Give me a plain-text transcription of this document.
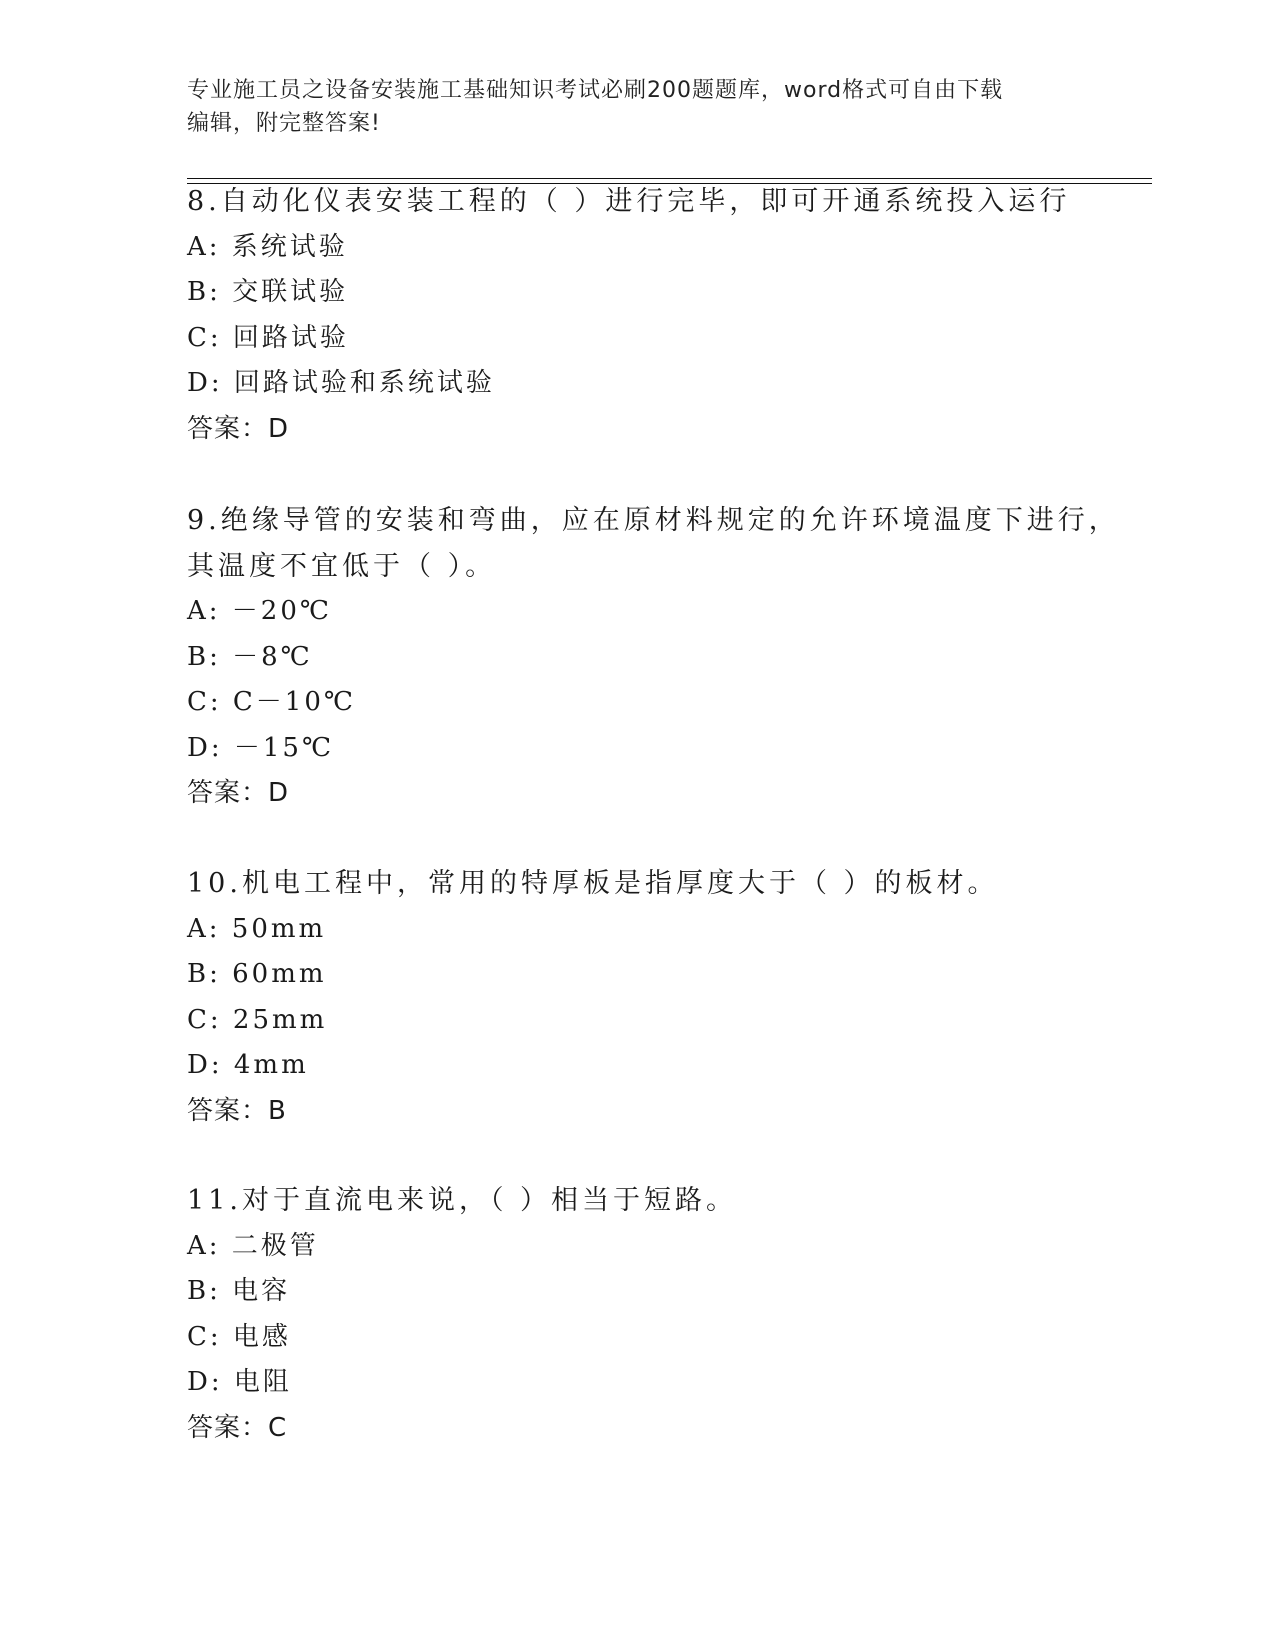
专业施工员之设备安装施工基础知识考试必刷200题题库，word格式可自由下载
编辑，附完整答案!
8.自动化仪表安装工程的（ ）进行完毕，即可开通系统投入运行
A: 系统试验
B: 交联试验
C: 回路试验
D: 回路试验和系统试验
答案：D
9.绝缘导管的安装和弯曲，应在原材料规定的允许环境温度下进行，
其温度不宜低于（ ）。
A: －20℃
B: －8℃
C: C－10℃
D: －15℃
答案：D
10.机电工程中，常用的特厚板是指厚度大于（ ）的板材。
A: 50mm
B: 60mm
C: 25mm
D: 4mm
答案：B
11.对于直流电来说，（ ）相当于短路。
A: 二极管
B: 电容
C: 电感
D: 电阻
答案：C
